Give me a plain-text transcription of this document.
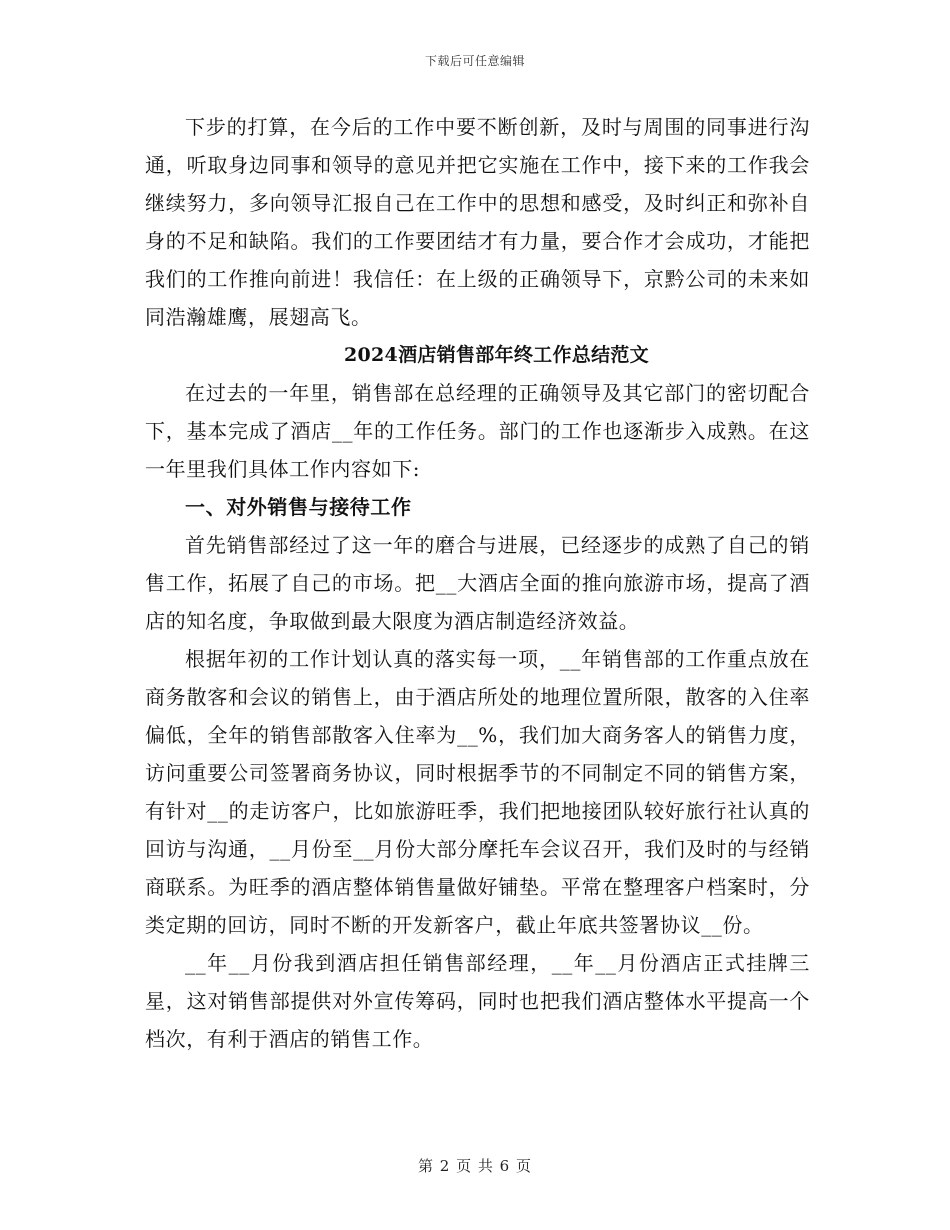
下载后可任意编辑

下步的打算，在今后的工作中要不断创新，及时与周围的同事进行沟通，听取身边同事和领导的意见并把它实施在工作中，接下来的工作我会继续努力，多向领导汇报自己在工作中的思想和感受，及时纠正和弥补自身的不足和缺陷。我们的工作要团结才有力量，要合作才会成功，才能把我们的工作推向前进！我信任：在上级的正确领导下，京黔公司的未来如同浩瀚雄鹰，展翅高飞。

2024酒店销售部年终工作总结范文

在过去的一年里，销售部在总经理的正确领导及其它部门的密切配合下，基本完成了酒店__年的工作任务。部门的工作也逐渐步入成熟。在这一年里我们具体工作内容如下:

一、对外销售与接待工作

首先销售部经过了这一年的磨合与进展，已经逐步的成熟了自己的销售工作，拓展了自己的市场。把__大酒店全面的推向旅游市场，提高了酒店的知名度，争取做到最大限度为酒店制造经济效益。

根据年初的工作计划认真的落实每一项，__年销售部的工作重点放在商务散客和会议的销售上，由于酒店所处的地理位置所限，散客的入住率偏低，全年的销售部散客入住率为__%，我们加大商务客人的销售力度，访问重要公司签署商务协议，同时根据季节的不同制定不同的销售方案，有针对__的走访客户，比如旅游旺季，我们把地接团队较好旅行社认真的回访与沟通，__月份至__月份大部分摩托车会议召开，我们及时的与经销商联系。为旺季的酒店整体销售量做好铺垫。平常在整理客户档案时，分类定期的回访，同时不断的开发新客户，截止年底共签署协议__份。

__年__月份我到酒店担任销售部经理，__年__月份酒店正式挂牌三星，这对销售部提供对外宣传筹码，同时也把我们酒店整体水平提高一个档次，有利于酒店的销售工作。

第 2 页 共 6 页
